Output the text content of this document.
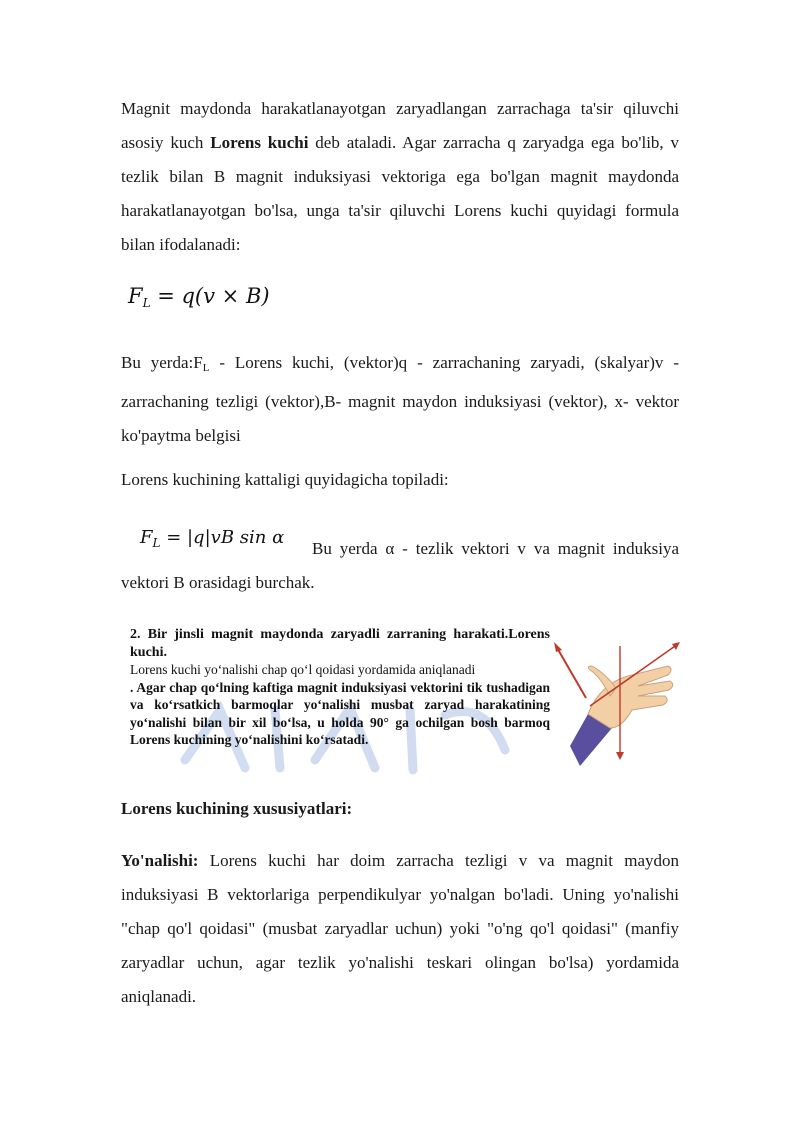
Magnit maydonda harakatlanayotgan zaryadlangan zarrachaga ta'sir qiluvchi asosiy kuch Lorens kuchi deb ataladi. Agar zarracha q zaryadga ega bo'lib, v tezlik bilan B magnit induksiyasi vektoriga ega bo'lgan magnit maydonda harakatlanayotgan bo'lsa, unga ta'sir qiluvchi Lorens kuchi quyidagi formula bilan ifodalanadi:

$F_L = q(v \times B)$

Bu $yerda:F_L$ - Lorens kuchi, (vektor)q - zarrachaning zaryadi, (skalyar)v - zarrachaning tezligi (vektor),B- magnit maydon induksiyasi (vektor), x- vektor ko'paytma belgisi

Lorens kuchining kattaligi quyidagicha topiladi:

$F_L = |q|vB$ sin α

Bu yerda α - tezlik vektori v va magnit induksiya vektori B orasidagi burchak.

2. Bir jinsli magnit maydonda zaryadli zarraning harakati.Lorens kuchi.
Lorens kuchi yo‘nalishi chap qo‘l qoidasi yordamida aniqlanadi
. Agar chap qo‘lning kaftiga magnit induksiyasi vektorini tik tushadigan va ko‘rsatkich barmoqlar yo‘nalishi musbat zaryad harakatining yo‘nalishi bilan bir xil bo‘lsa, u holda 90° ga ochilgan bosh barmoq Lorens kuchining yo‘nalishini ko‘rsatadi.
Lorens kuchining xususiyatlari:

Yo'nalishi: Lorens kuchi har doim zarracha tezligi v va magnit maydon induksiyasi B vektorlariga perpendikulyar yo'nalgan bo'ladi. Uning yo'nalishi "chap qo'l qoidasi" (musbat zaryadlar uchun) yoki "o'ng qo'l qoidasi" (manfiy zaryadlar uchun, agar tezlik yo'nalishi teskari olingan bo'lsa) yordamida aniqlanadi.
